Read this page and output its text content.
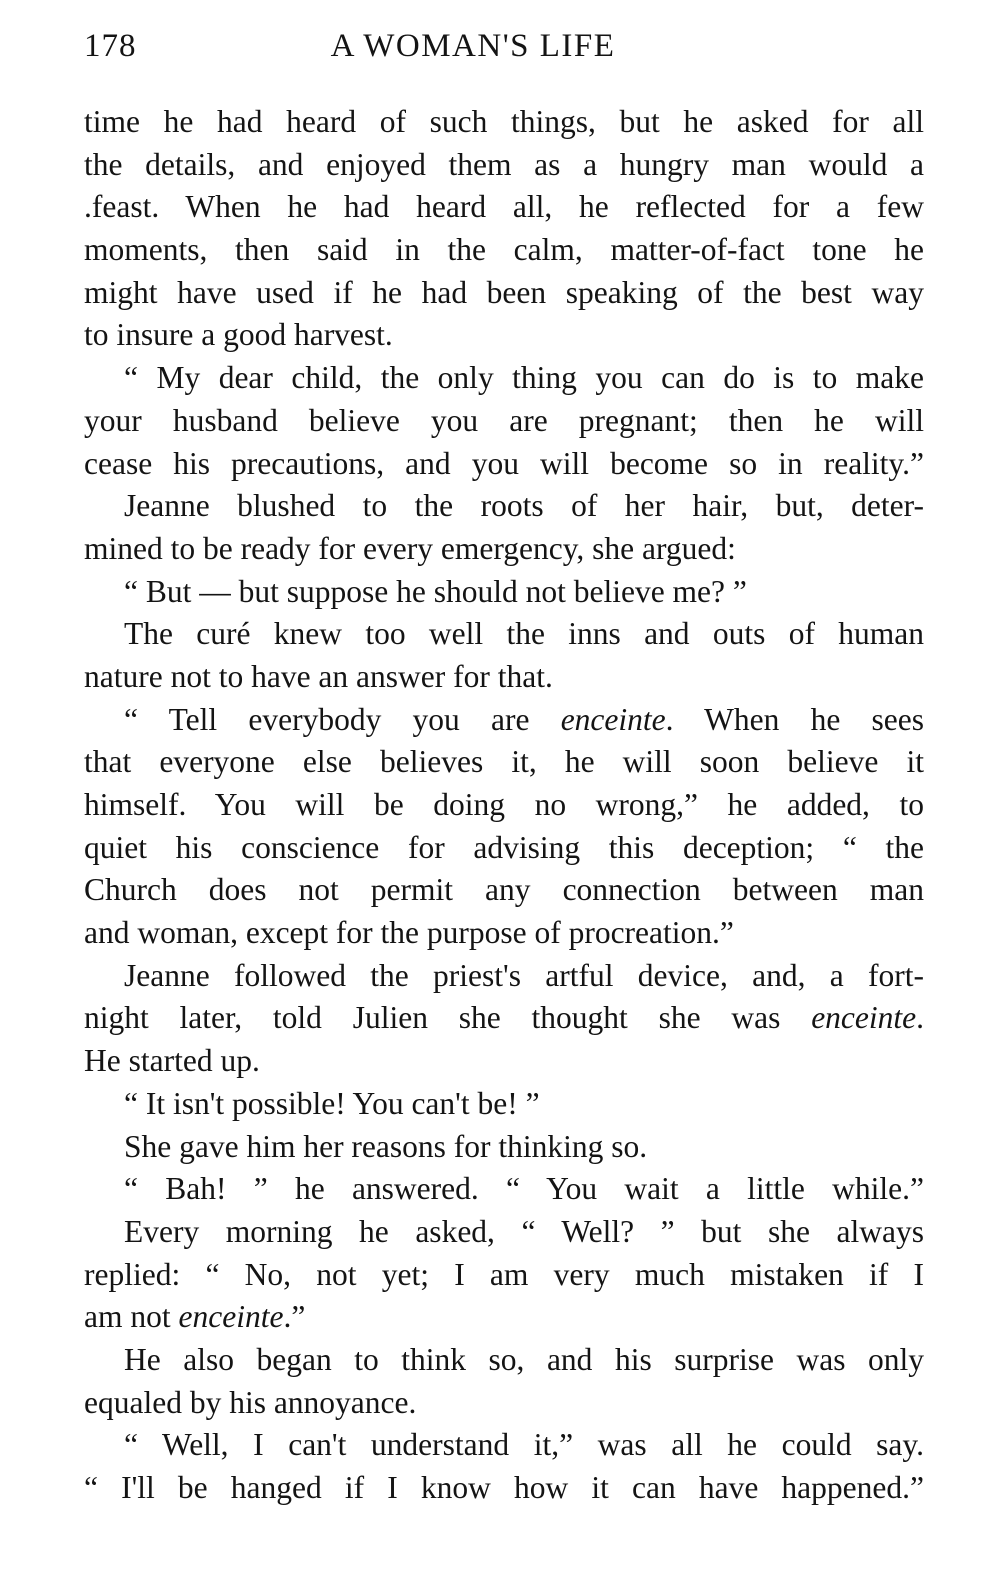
178	A WOMAN'S LIFE
time he had heard of such things, but he asked for all
the details, and enjoyed them as a hungry man would a
.feast. When he had heard all, he reflected for a few
moments, then said in the calm, matter-of-fact tone he
might have used if he had been speaking of the best way
to insure a good harvest.
“ My dear child, the only thing you can do is to make
your husband believe you are pregnant; then he will
cease his precautions, and you will become so in reality.”
Jeanne blushed to the roots of her hair, but, deter-
mined to be ready for every emergency, she argued:
“ But — but suppose he should not believe me? ”
The curé knew too well the inns and outs of human
nature not to have an answer for that.
“ Tell everybody you are enceinte. When he sees
that everyone else believes it, he will soon believe it
himself. You will be doing no wrong,” he added, to
quiet his conscience for advising this deception; “ the
Church does not permit any connection between man
and woman, except for the purpose of procreation.”
Jeanne followed the priest's artful device, and, a fort-
night later, told Julien she thought she was enceinte.
He started up.
“ It isn't possible! You can't be! ”
She gave him her reasons for thinking so.
“ Bah! ” he answered. “ You wait a little while.”
Every morning he asked, “ Well? ” but she always
replied: “ No, not yet; I am very much mistaken if I
am not enceinte.”
He also began to think so, and his surprise was only
equaled by his annoyance.
“ Well, I can't understand it,” was all he could say.
“ I'll be hanged if I know how it can have happened.”
